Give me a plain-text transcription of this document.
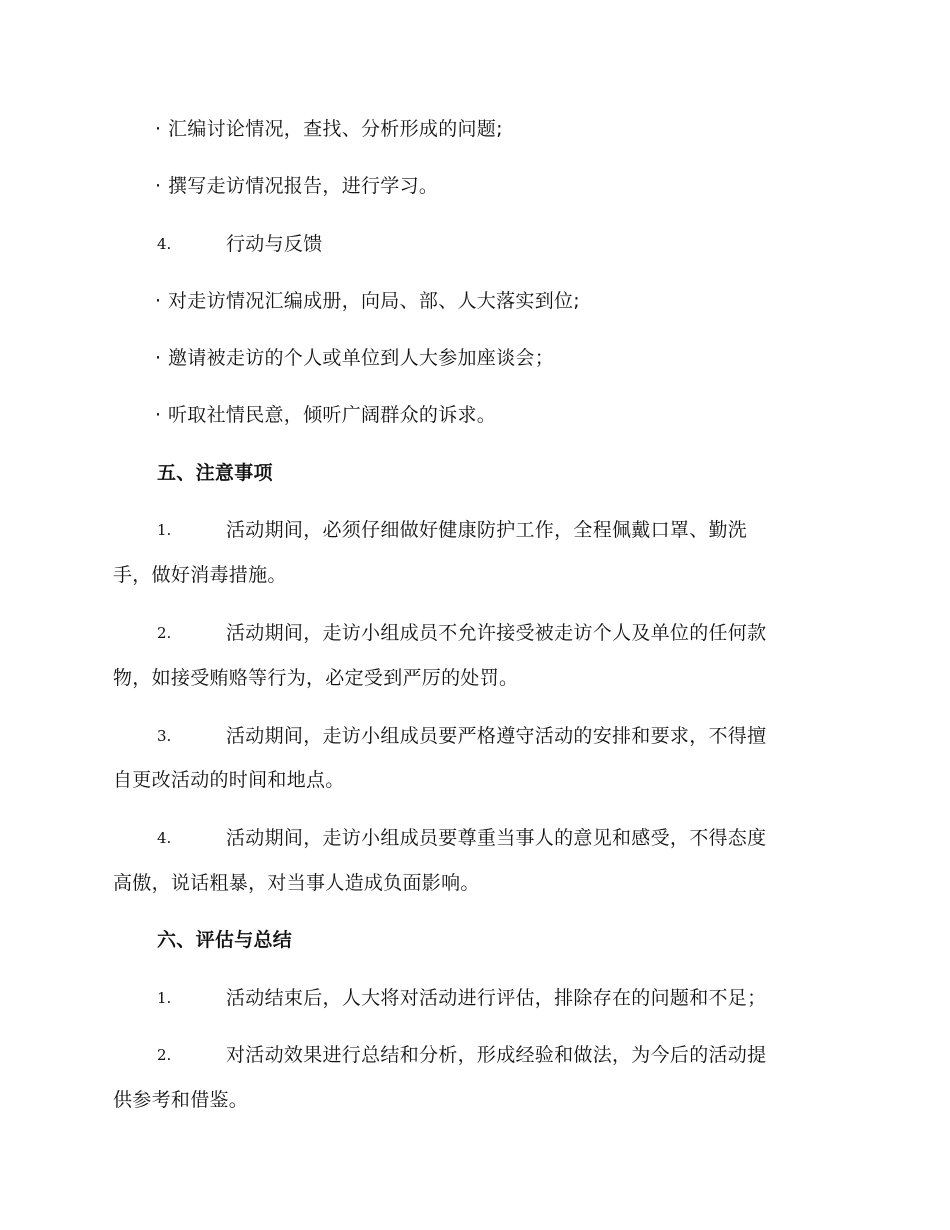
· 汇编讨论情况，查找、分析形成的问题;
· 撰写走访情况报告，进行学习。
4.	行动与反馈
· 对走访情况汇编成册，向局、部、人大落实到位;
· 邀请被走访的个人或单位到人大参加座谈会；
· 听取社情民意，倾听广阔群众的诉求。
五、注意事项
1.	活动期间，必须仔细做好健康防护工作，全程佩戴口罩、勤洗
手，做好消毒措施。
2.	活动期间，走访小组成员不允许接受被走访个人及单位的任何款
物，如接受贿赂等行为，必定受到严厉的处罚。
3.	活动期间，走访小组成员要严格遵守活动的安排和要求，不得擅
自更改活动的时间和地点。
4.	活动期间，走访小组成员要尊重当事人的意见和感受，不得态度
高傲，说话粗暴，对当事人造成负面影响。
六、评估与总结
1.	活动结束后，人大将对活动进行评估，排除存在的问题和不足；
2.	对活动效果进行总结和分析，形成经验和做法，为今后的活动提
供参考和借鉴。
